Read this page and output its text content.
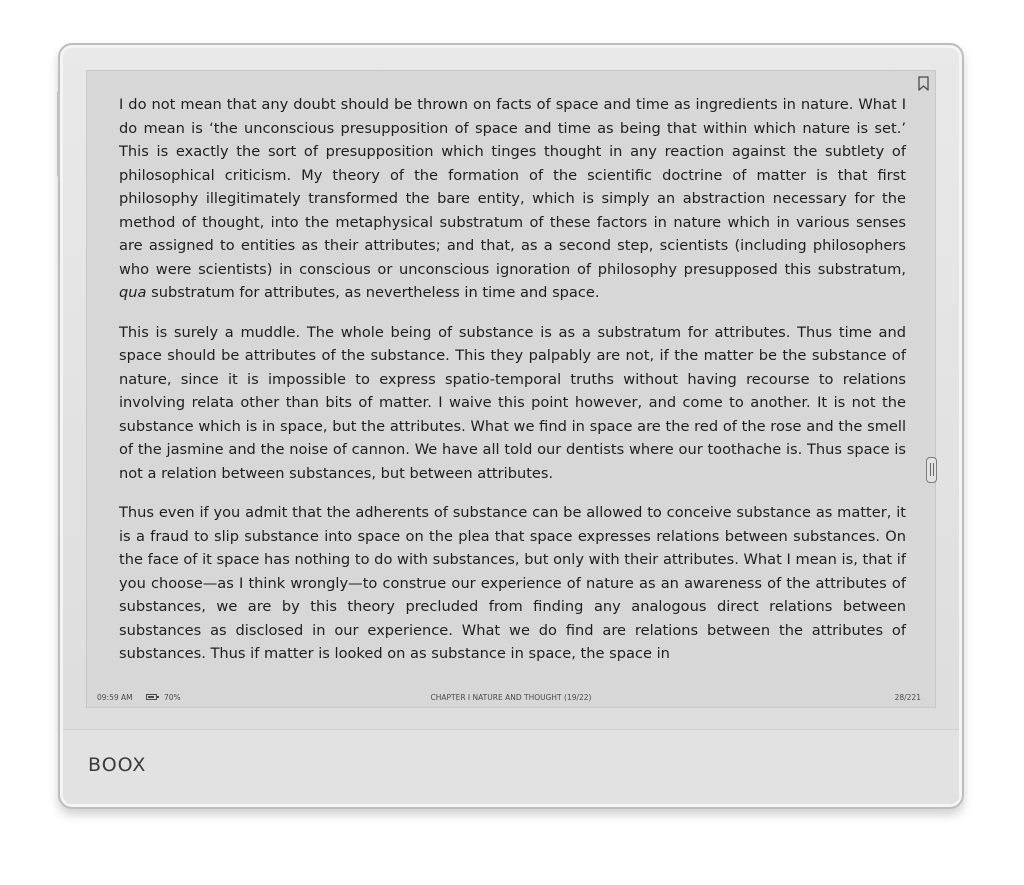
BOOX

I do not mean that any doubt should be thrown on facts of space and time as ingredients in nature. What I do mean is ‘the unconscious presupposition of space and time as being that within which nature is set.’ This is exactly the sort of presupposition which tinges thought in any reaction against the subtlety of philosophical criticism. My theory of the formation of the scientific doctrine of matter is that first philosophy illegitimately transformed the bare entity, which is simply an abstraction necessary for the method of thought, into the metaphysical substratum of these factors in nature which in various senses are assigned to entities as their attributes; and that, as a second step, scientists (including philosophers who were scientists) in conscious or unconscious ignoration of philosophy presupposed this substratum, qua substratum for attributes, as nevertheless in time and space.

This is surely a muddle. The whole being of substance is as a substratum for attributes. Thus time and space should be attributes of the substance. This they palpably are not, if the matter be the substance of nature, since it is impossible to express spatio-temporal truths without having recourse to relations involving relata other than bits of matter. I waive this point however, and come to another. It is not the substance which is in space, but the attributes. What we find in space are the red of the rose and the smell of the jasmine and the noise of cannon. We have all told our dentists where our toothache is. Thus space is not a relation between substances, but between attributes.

Thus even if you admit that the adherents of substance can be allowed to conceive substance as matter, it is a fraud to slip substance into space on the plea that space expresses relations between substances. On the face of it space has nothing to do with substances, but only with their attributes. What I mean is, that if you choose—as I think wrongly—to construe our experience of nature as an awareness of the attributes of substances, we are by this theory precluded from finding any analogous direct relations between substances as disclosed in our experience. What we do find are relations between the attributes of substances. Thus if matter is looked on as substance in space, the space in

09:59 AM	70%	CHAPTER I NATURE AND THOUGHT (19/22)	28/221
